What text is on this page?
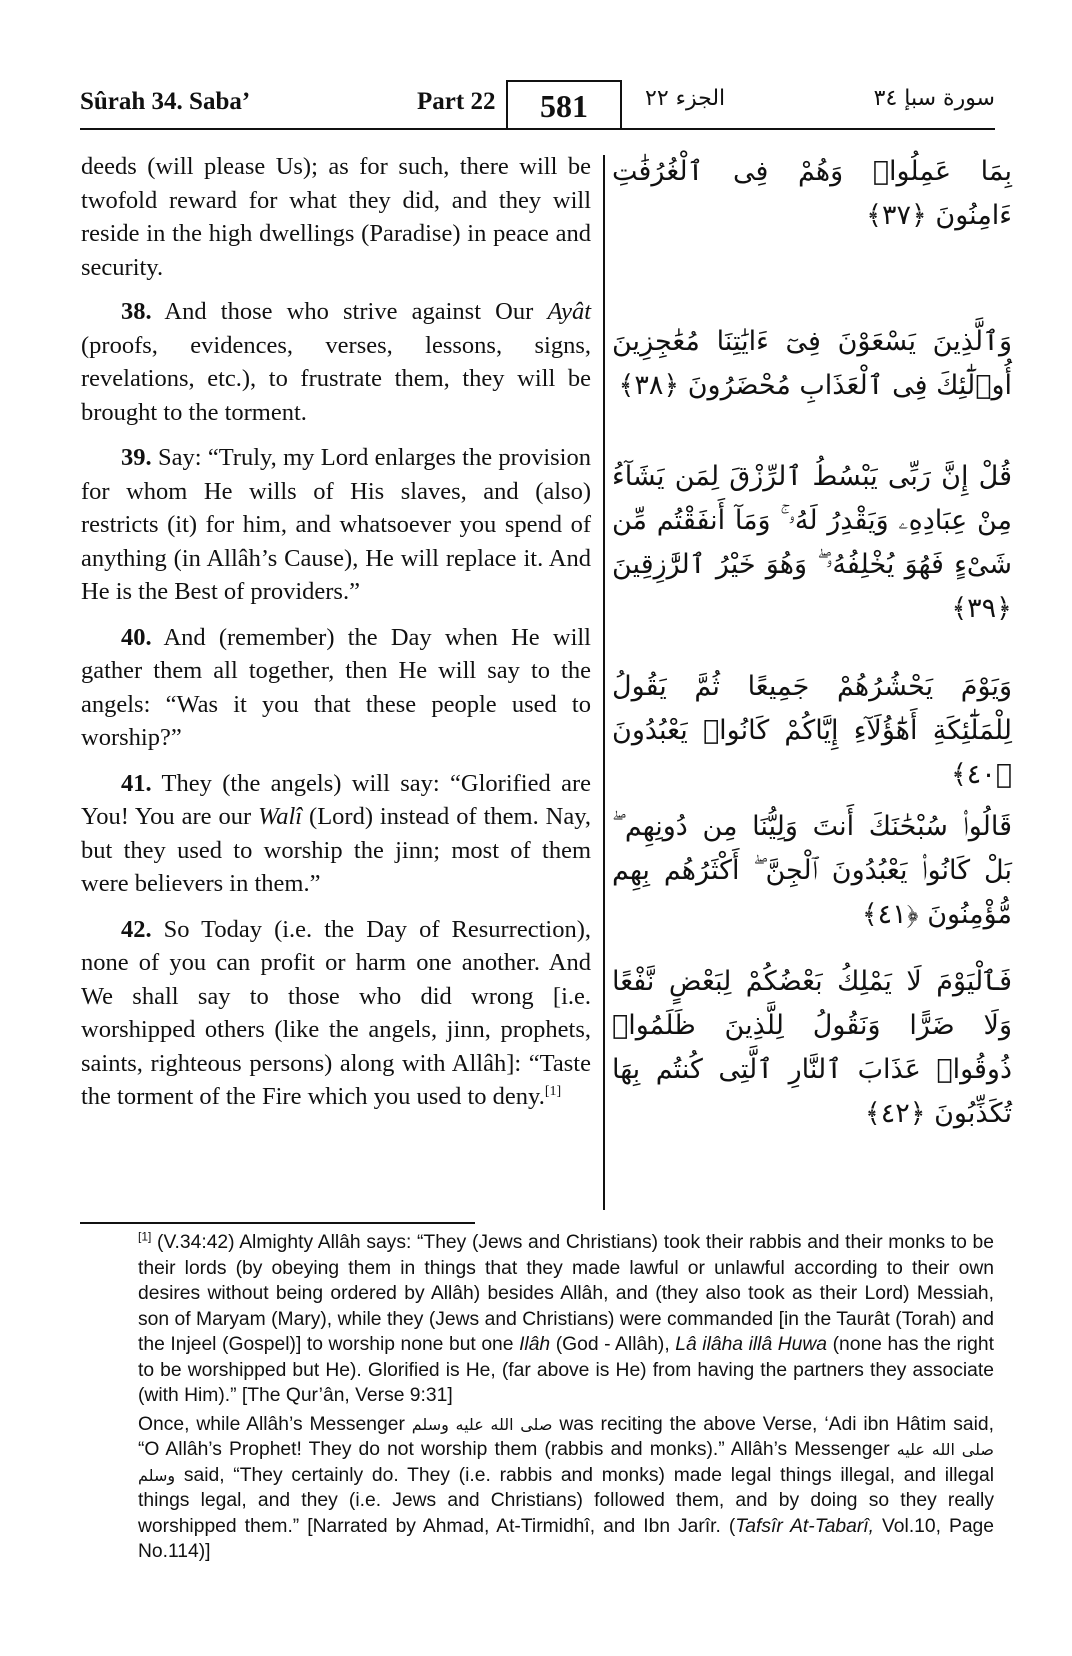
Sûrah 34. Saba’	Part 22 581	الجزء ٢٢	سورة سبإ ٣٤

deeds (will please Us); as for such, there will be twofold reward for what they did, and they will reside in the high dwellings (Paradise) in peace and security.

38. And those who strive against Our Ayât (proofs, evidences, verses, lessons, signs, revelations, etc.), to frustrate them, they will be brought to the torment.

39. Say: “Truly, my Lord enlarges the provision for whom He wills of His slaves, and (also) restricts (it) for him, and whatsoever you spend of anything (in Allâh’s Cause), He will replace it. And He is the Best of providers.”

40. And (remember) the Day when He will gather them all together, then He will say to the angels: “Was it you that these people used to worship?”

41. They (the angels) will say: “Glorified are You! You are our Walî (Lord) instead of them. Nay, but they used to worship the jinn; most of them were believers in them.”

42. So Today (i.e. the Day of Resurrection), none of you can profit or harm one another. And We shall say to those who did wrong [i.e. worshipped others (like the angels, jinn, prophets, saints, righteous persons) along with Allâh]: “Taste the torment of the Fire which you used to deny.[1]

بِمَا عَمِلُوا۟ وَهُمْ فِى ٱلْغُرُفَٰتِ ءَامِنُونَ ﴿٣٧﴾
وَٱلَّذِينَ يَسْعَوْنَ فِىٓ ءَايَٰتِنَا مُعَٰجِزِينَ أُو۟لَٰٓئِكَ فِى ٱلْعَذَابِ مُحْضَرُونَ ﴿٣٨﴾
قُلْ إِنَّ رَبِّى يَبْسُطُ ٱلرِّزْقَ لِمَن يَشَآءُ مِنْ عِبَادِهِۦ وَيَقْدِرُ لَهُۥ ۚ وَمَآ أَنفَقْتُم مِّن شَىْءٍ فَهُوَ يُخْلِفُهُۥ ۖ وَهُوَ خَيْرُ ٱلرَّٰزِقِينَ ﴿٣٩﴾
وَيَوْمَ يَحْشُرُهُمْ جَمِيعًا ثُمَّ يَقُولُ لِلْمَلَٰٓئِكَةِ أَهَٰٓؤُلَآءِ إِيَّاكُمْ كَانُوا۟ يَعْبُدُونَ ﴿٤٠﴾
قَالُوا۟ سُبْحَٰنَكَ أَنتَ وَلِيُّنَا مِن دُونِهِم ۖ بَلْ كَانُوا۟ يَعْبُدُونَ ٱلْجِنَّ ۖ أَكْثَرُهُم بِهِم مُّؤْمِنُونَ ﴿٤١﴾
فَٱلْيَوْمَ لَا يَمْلِكُ بَعْضُكُمْ لِبَعْضٍ نَّفْعًا وَلَا ضَرًّا وَنَقُولُ لِلَّذِينَ ظَلَمُوا۟ ذُوقُوا۟ عَذَابَ ٱلنَّارِ ٱلَّتِى كُنتُم بِهَا تُكَذِّبُونَ ﴿٤٢﴾

[1] (V.34:42) Almighty Allâh says: “They (Jews and Christians) took their rabbis and their monks to be their lords (by obeying them in things that they made lawful or unlawful according to their own desires without being ordered by Allâh) besides Allâh, and (they also took as their Lord) Messiah, son of Maryam (Mary), while they (Jews and Christians) were commanded [in the Taurât (Torah) and the Injeel (Gospel)] to worship none but one Ilâh (God - Allâh), Lâ ilâha illâ Huwa (none has the right to be worshipped but He). Glorified is He, (far above is He) from having the partners they associate (with Him).” [The Qur’ân, Verse 9:31]

Once, while Allâh’s Messenger صلى الله عليه وسلم was reciting the above Verse, ‘Adi ibn Hâtim said, “O Allâh’s Prophet! They do not worship them (rabbis and monks).” Allâh’s Messenger صلى الله عليه وسلم said, “They certainly do. They (i.e. rabbis and monks) made legal things illegal, and illegal things legal, and they (i.e. Jews and Christians) followed them, and by doing so they really worshipped them.” [Narrated by Ahmad, At-Tirmidhî, and Ibn Jarîr. (Tafsîr At-Tabarî, Vol.10, Page No.114)]
